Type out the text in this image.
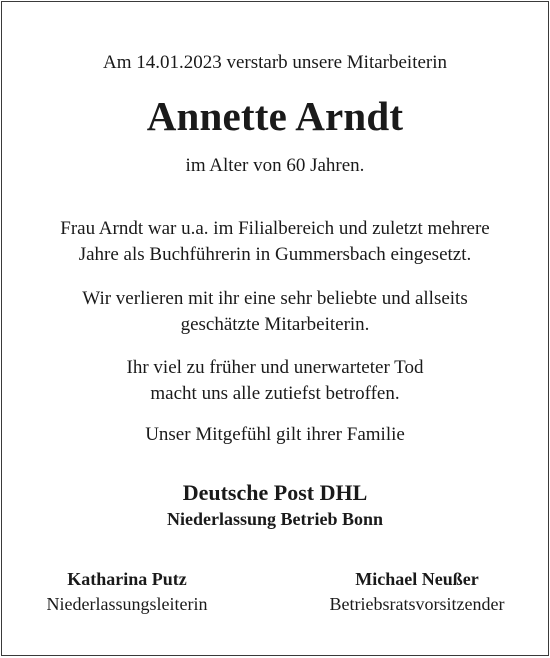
Am 14.01.2023 verstarb unsere Mitarbeiterin
Annette Arndt
im Alter von 60 Jahren.
Frau Arndt war u.a. im Filialbereich und zuletzt mehrere
Jahre als Buchführerin in Gummersbach eingesetzt.
Wir verlieren mit ihr eine sehr beliebte und allseits
geschätzte Mitarbeiterin.
Ihr viel zu früher und unerwarteter Tod
macht uns alle zutiefst betroffen.
Unser Mitgefühl gilt ihrer Familie
Deutsche Post DHL
Niederlassung Betrieb Bonn
Katharina Putz
Niederlassungsleiterin
Michael Neußer
Betriebsratsvorsitzender
